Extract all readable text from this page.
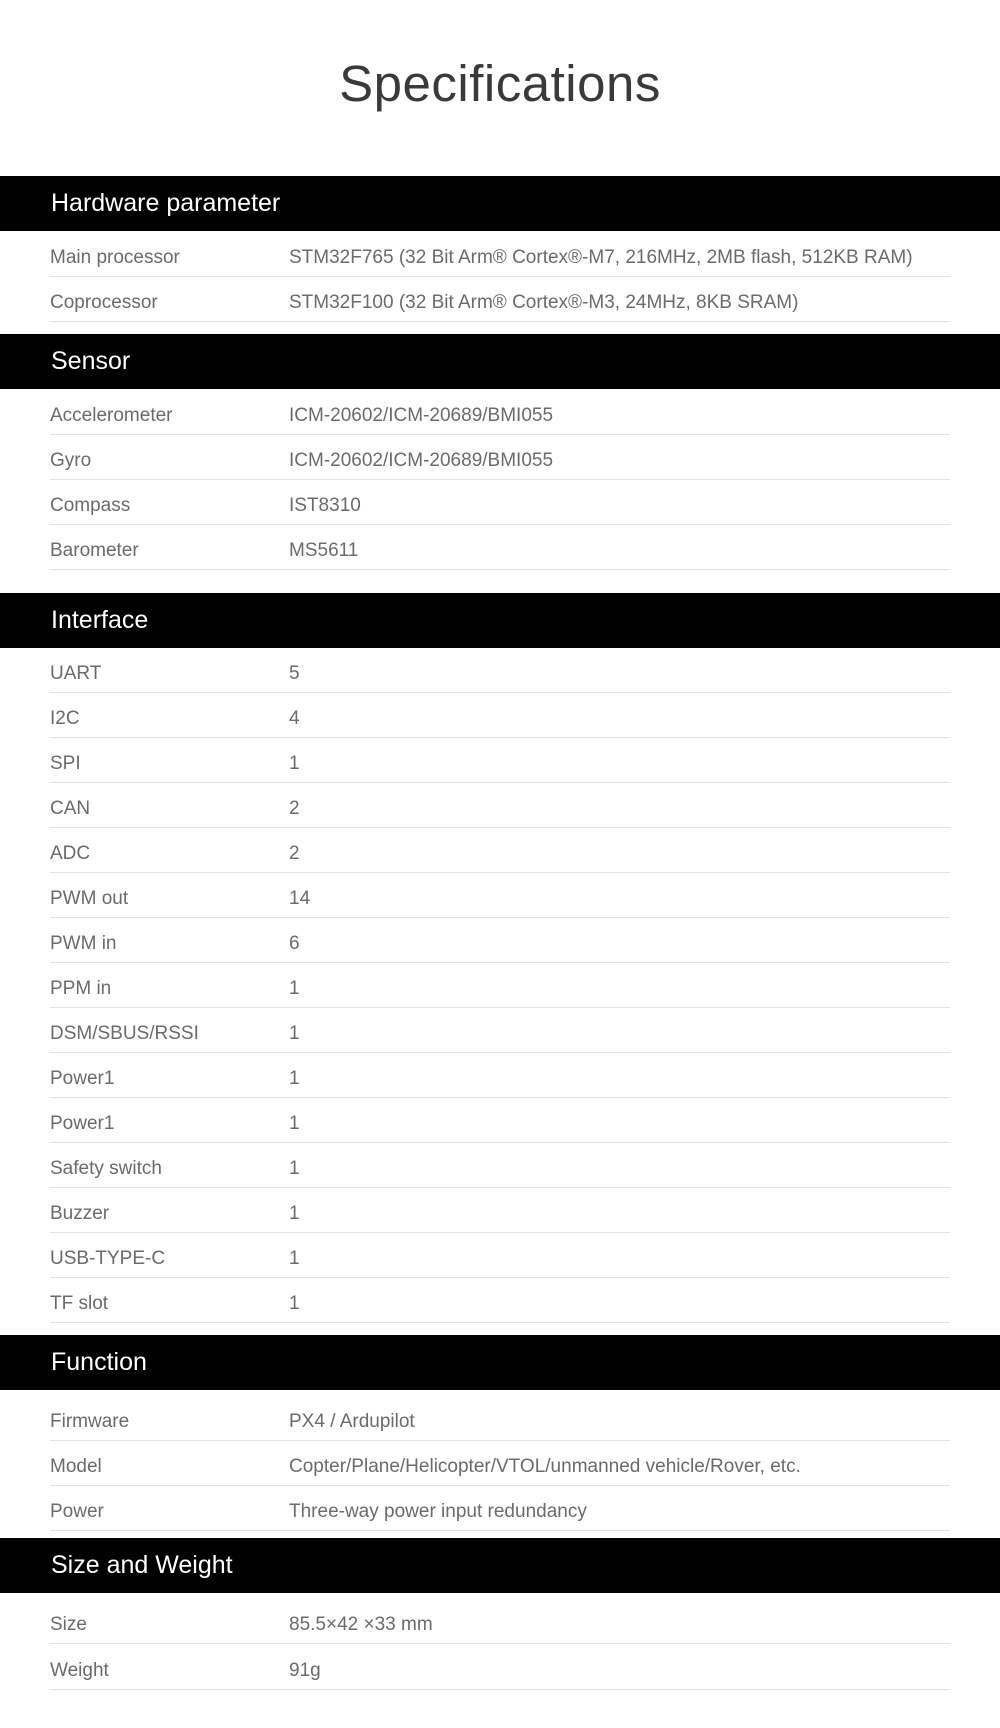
Specifications
Hardware parameter
Main processor	STM32F765 (32 Bit Arm® Cortex®-M7, 216MHz, 2MB flash, 512KB RAM)
Coprocessor	STM32F100 (32 Bit Arm® Cortex®-M3, 24MHz, 8KB SRAM)
Sensor
Accelerometer	ICM-20602/ICM-20689/BMI055
Gyro	ICM-20602/ICM-20689/BMI055
Compass	IST8310
Barometer	MS5611
Interface
UART	5
I2C	4
SPI	1
CAN	2
ADC	2
PWM out	14
PWM in	6
PPM in	1
DSM/SBUS/RSSI	1
Power1	1
Power1	1
Safety switch	1
Buzzer	1
USB-TYPE-C	1
TF slot	1
Function
Firmware	PX4 / Ardupilot
Model	Copter/Plane/Helicopter/VTOL/unmanned vehicle/Rover, etc.
Power	Three-way power input redundancy
Size and Weight
Size	85.5×42 ×33 mm
Weight	91g
